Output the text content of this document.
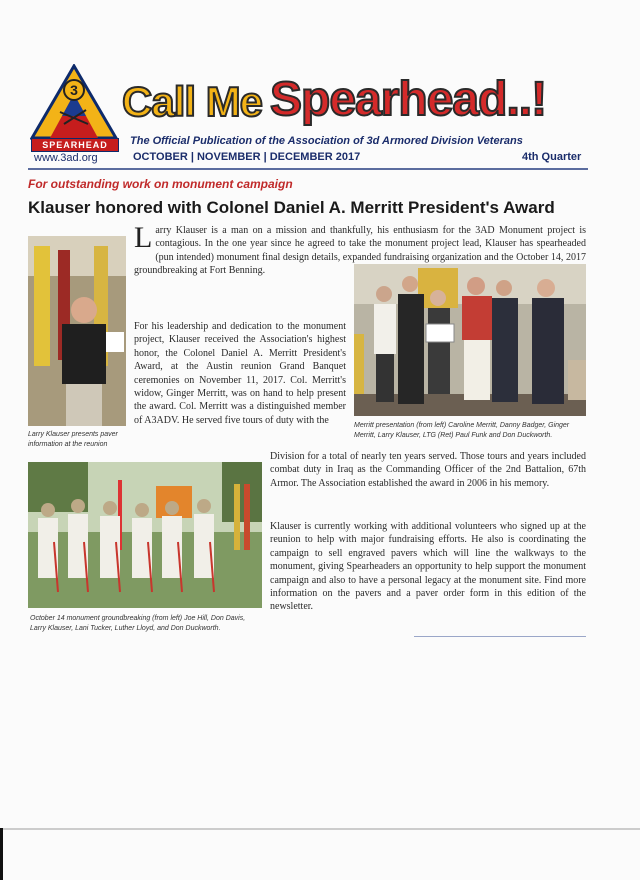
3
SPEARHEAD
www.3ad.org
Call Me Spearhead..!
The Official Publication of the Association of 3d Armored Division Veterans
OCTOBER | NOVEMBER | DECEMBER 2017	4th Quarter
For outstanding work on monument campaign
Klauser honored with Colonel Daniel A. Merritt President's Award
Larry Klauser presents paver information at the reunion
L arry Klauser is a man on a mission and thankfully, his enthusiasm for the 3AD Monument project is contagious. In the one year since he agreed to take the monument project lead, Klauser has spearheaded (pun intended) monument final design details, expanded fundraising organization and the October 14, 2017 groundbreaking at Fort Benning.
Merritt presentation (from left) Caroline Merritt, Danny Badger, Ginger Merritt, Larry Klauser, LTG (Ret) Paul Funk and Don Duckworth.
For his leadership and dedication to the monument project, Klauser received the Association's highest honor, the Colonel Daniel A. Merritt President's Award, at the Austin reunion Grand Banquet ceremonies on November 11, 2017. Col. Merritt's widow, Ginger Merritt, was on hand to help present the award. Col. Merritt was a distinguished member of A3ADV. He served five tours of duty with the
Division for a total of nearly ten years served. Those tours and years included combat duty in Iraq as the Commanding Officer of the 2nd Battalion, 67th Armor. The Association established the award in 2006 in his memory.
October 14 monument groundbreaking (from left) Joe Hill, Don Davis, Larry Klauser, Lani Tucker, Luther Lloyd, and Don Duckworth.
Klauser is currently working with additional volunteers who signed up at the reunion to help with major fundraising efforts. He also is coordinating the campaign to sell engraved pavers which will line the walkways to the monument, giving Spearheaders an opportunity to help support the monument campaign and also to have a personal legacy at the monument site. Find more information on the pavers and a paver order form in this edition of the newsletter.
